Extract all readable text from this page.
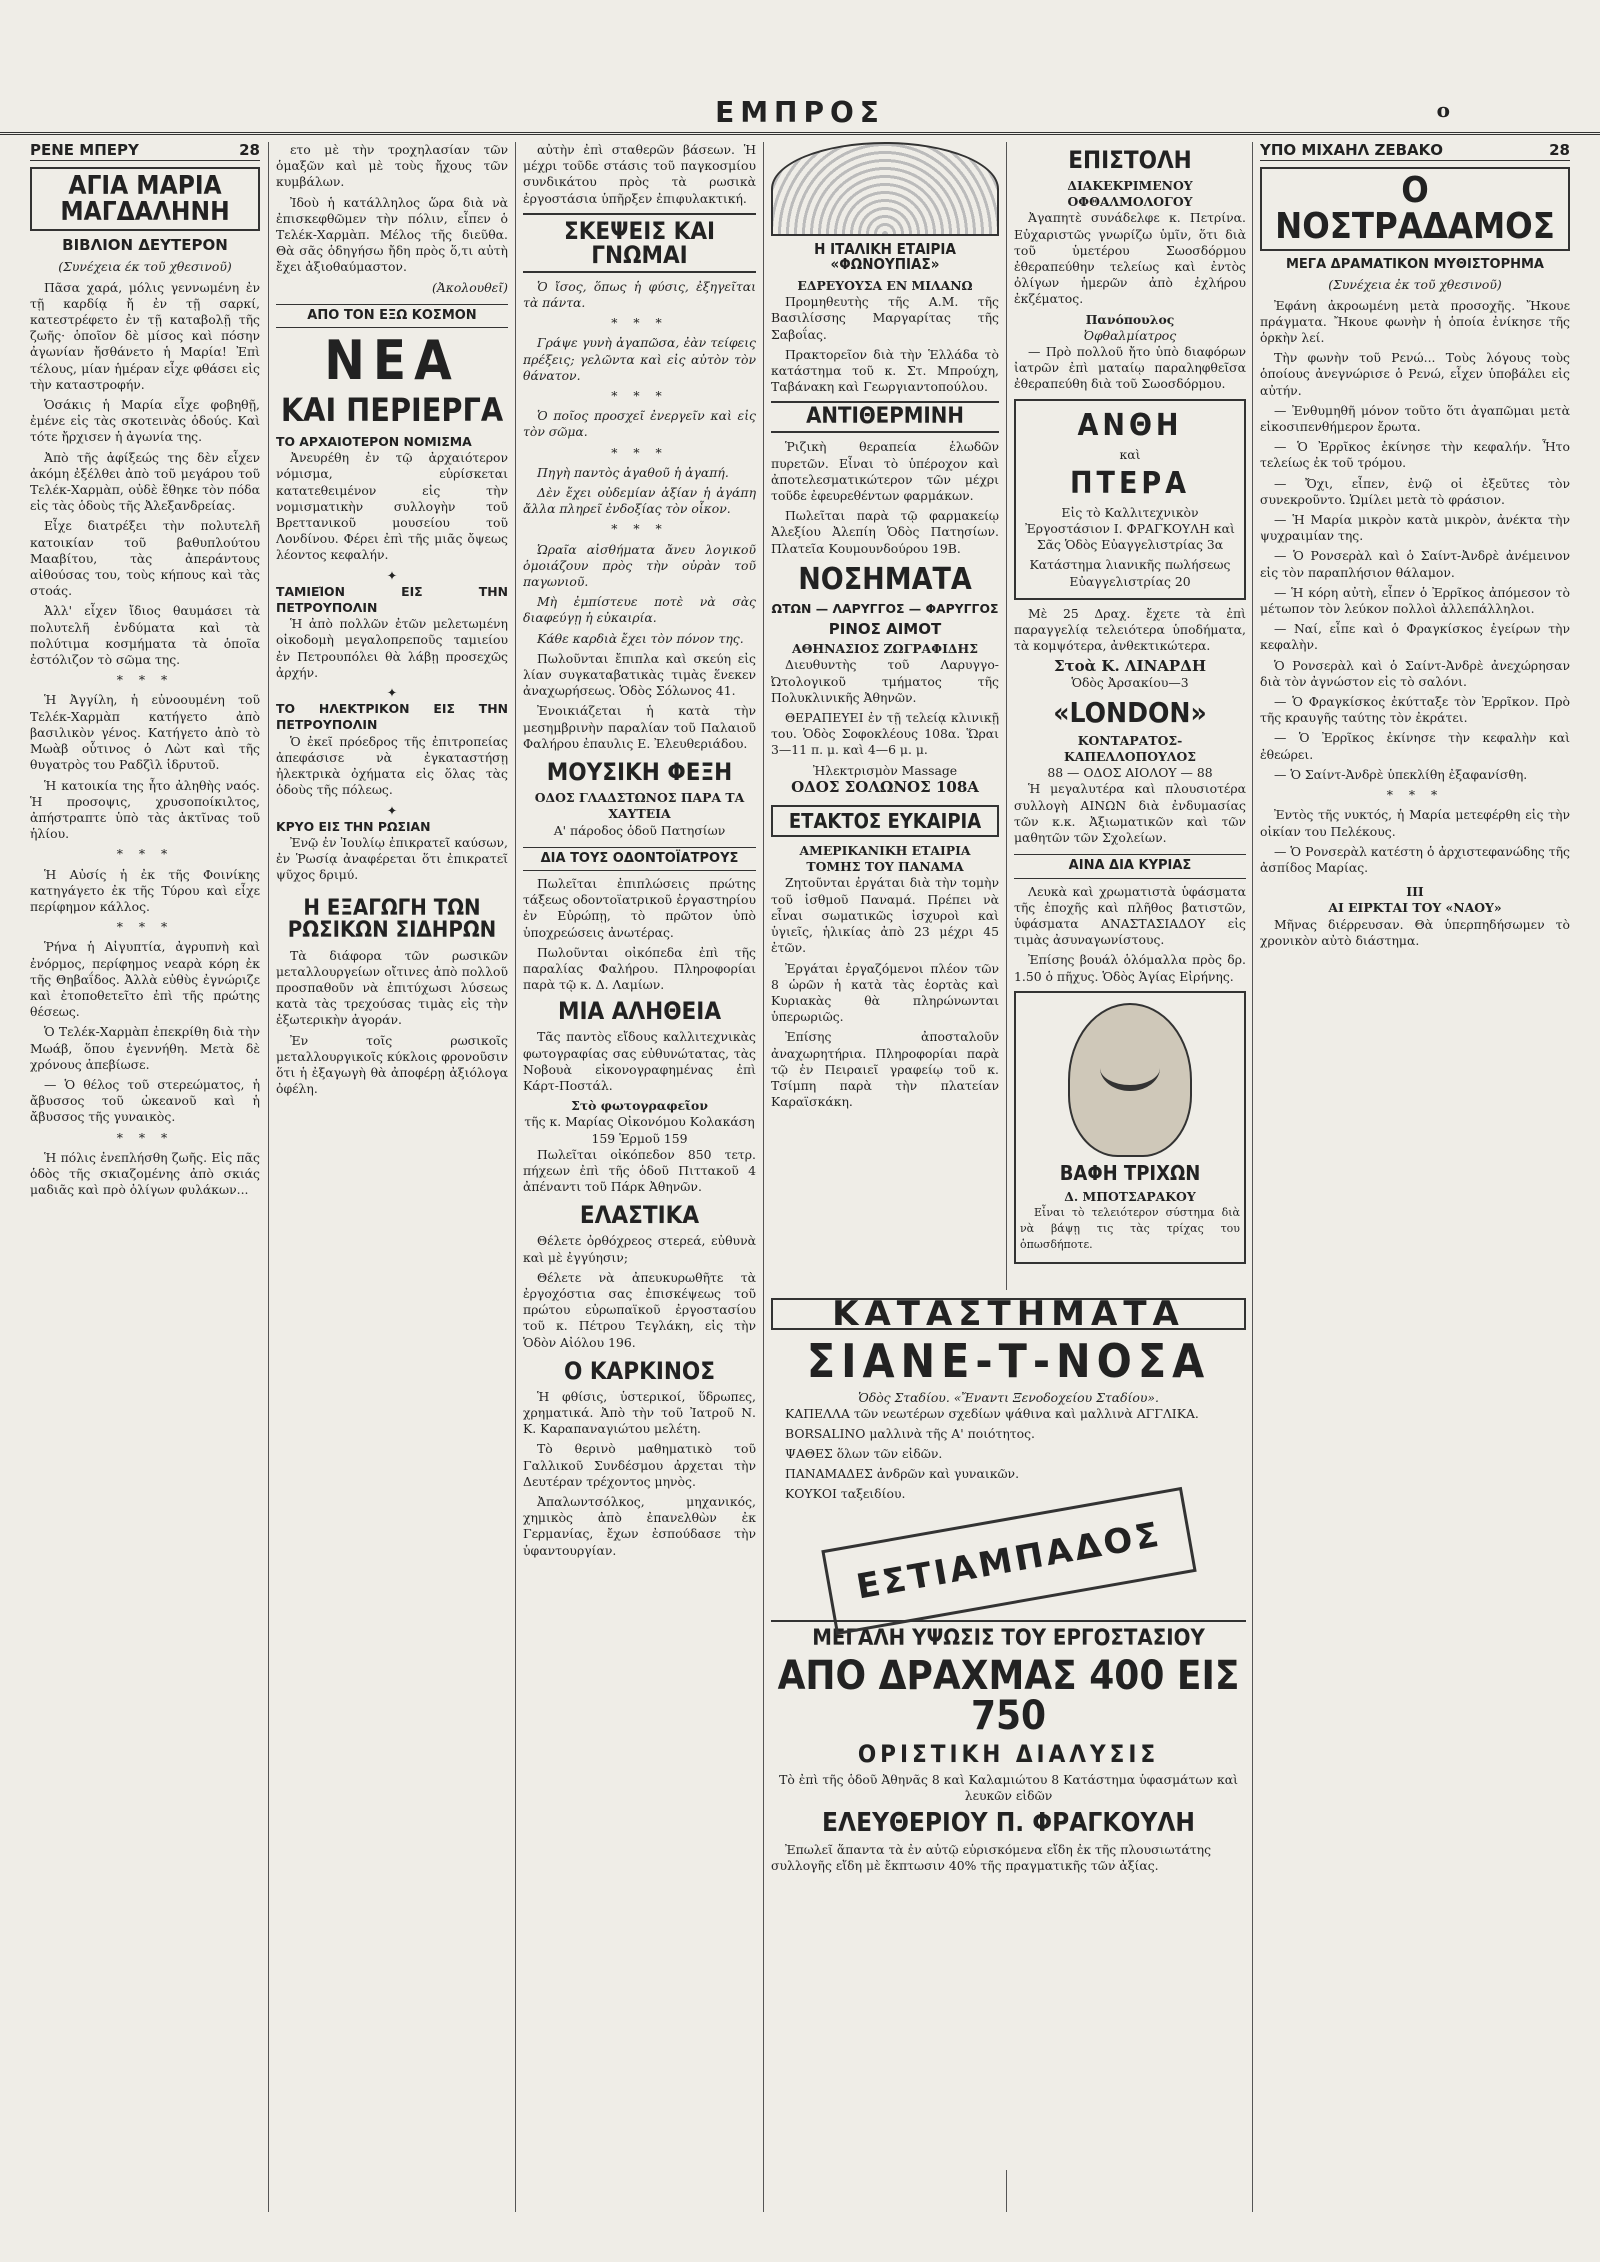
ΕΜΠΡΟΣ	ο
ΡΕΝΕ ΜΠΕΡΥ	28
ΑΓΙΑ ΜΑΡΙΑ ΜΑΓΔΑΛΗΝΗ
ΒΙΒΛΙΟΝ ΔΕΥΤΕΡΟΝ
(Συνέχεια έκ τοῦ χθεσινοῦ)

Πᾶσα χαρά, μόλις γεννωμένη ἐν τῇ καρδίᾳ ἤ ἐν τῇ σαρκί, κατεστρέφετο ἐν τῇ καταβολῇ τῆς ζωῆς· ὁποῖον δὲ μίσος καὶ πόσην ἀγωνίαν ἤσθάνετο ἡ Μαρία! Ἐπὶ τέλους, μίαν ἡμέραν εἶχε φθάσει εἰς τὴν καταστροφήν.

Ὁσάκις ἡ Μαρία εἶχε φοβηθῇ, ἐμένε εἰς τὰς σκοτεινὰς ὁδούς. Καὶ τότε ἤρχισεν ἡ ἀγωνία της.

Ἀπὸ τῆς ἀφίξεώς της δὲν εἶχεν ἀκόμη ἐξέλθει ἀπὸ τοῦ μεγάρου τοῦ Τελέκ-Χαρμὰπ, οὐδὲ ἔθηκε τὸν πόδα εἰς τὰς ὁδοὺς τῆς Ἀλεξανδρείας.

Εἶχε διατρέξει τὴν πολυτελῆ κατοικίαν τοῦ βαθυπλούτου Μααβίτου, τὰς ἀπεράντους αἰθούσας του, τοὺς κήπους καὶ τὰς στοάς.

Ἀλλ' εἶχεν ἴδιος θαυμάσει τὰ πολυτελῆ ἐνδύματα καὶ τὰ πολύτιμα κοσμήματα τὰ ὁποῖα ἐστόλιζον τὸ σῶμα της.

* * *

Ἡ Ἀγγίλη, ἡ εὐνοουμένη τοῦ Τελέκ-Χαρμὰπ κατήγετο ἀπὸ βασιλικὸν γένος. Κατήγετο ἀπὸ τὸ Μωὰβ οὗτινος ὁ Λὼτ καὶ τῆς θυγατρὸς του Ραδζὶλ ἱδρυτοῦ.

Ἡ κατοικία της ἦτο ἀληθὴς ναός. Ἡ προσοψις, χρυσοποίκιλτος, ἀπήστραπτε ὑπὸ τὰς ἀκτῖνας τοῦ ἡλίου.

* * *

Ἡ Αὐσίς ἡ ἐκ τῆς Φοινίκης κατηγάγετο ἐκ τῆς Τύρου καὶ εἶχε περίφημον κάλλος.

* * *

Ῥήνα ἡ Αἰγυπτία, ἀγρυπνὴ καὶ ἐνόρμος, περίφημος νεαρὰ κόρη ἐκ τῆς Θηβαΐδος. Ἀλλὰ εὐθὺς ἐγνώριζε καὶ ἐτοποθετεῖτο ἐπὶ τῆς πρώτης θέσεως.

Ὁ Τελέκ-Χαρμὰπ ἐπεκρίθη διὰ τὴν Μωάβ, ὅπου ἐγεννήθη. Μετὰ δὲ χρόνους ἀπεβίωσε.

— Ὁ θέλος τοῦ στερεώματος, ἡ ἄβυσσος τοῦ ὠκεανοῦ καὶ ἡ ἄβυσσος τῆς γυναικὸς.

* * *

Ἡ πόλις ἐνεπλήσθη ζωῆς. Εἰς πᾶς ὁδὸς τῆς σκιαζομένης ἀπὸ σκιάς μαδιᾶς καὶ πρὸ ὀλίγων φυλάκων...

ετο μὲ τὴν τροχηλασίαν τῶν ὁμαξῶν καὶ μὲ τοὺς ἤχους τῶν κυμβάλων.

Ἰδοὺ ἡ κατάλληλος ὥρα διὰ νὰ ἐπισκεφθῶμεν τὴν πόλιν, εἶπεν ὁ Τελέκ-Χαρμὰπ. Μέλος τῆς διεῦθα. Θὰ σᾶς ὁδηγήσω ἤδη πρὸς ὅ,τι αὐτὴ ἔχει ἀξιοθαύμαστον.

(Ἀκολουθεῖ)
ΑΠΟ ΤΟΝ ΕΞΩ ΚΟΣΜΟΝ
ΝΕΑ
ΚΑΙ ΠΕΡΙΕΡΓΑ
ΤΟ ΑΡΧΑΙΟΤΕΡΟΝ ΝΟΜΙΣΜΑ

Ἀνευρέθη ἐν τῷ ἀρχαιότερον νόμισμα, εὑρίσκεται κατατεθειμένον εἰς τὴν νομισματικὴν συλλογὴν τοῦ Βρεττανικοῦ μουσείου τοῦ Λονδίνου. Φέρει ἐπὶ τῆς μιᾶς ὄψεως λέοντος κεφαλήν.

✦
ΤΑΜΙΕΙ͂ΟΝ ΕΙΣ ΤΗΝ ΠΕΤΡΟΥΠΟΛΙΝ

Ἡ ἀπὸ πολλῶν ἐτῶν μελετωμένη οἰκοδομὴ μεγαλοπρεποῦς ταμιείου ἐν Πετρουπόλει θὰ λάβῃ προσεχῶς ἀρχήν.

✦
ΤΟ ΗΛΕΚΤΡΙΚΟΝ ΕΙΣ ΤΗΝ ΠΕΤΡΟΥΠΟΛΙΝ

Ὁ ἐκεῖ πρόεδρος τῆς ἐπιτροπείας ἀπεφάσισε νὰ ἐγκαταστήσῃ ἠλεκτρικὰ ὀχήματα εἰς ὅλας τὰς ὁδοὺς τῆς πόλεως.

✦
ΚΡΥΟ ΕΙΣ ΤΗΝ ΡΩΣΙΑΝ

Ἐνῷ ἐν Ἰουλίῳ ἐπικρατεῖ καύσων, ἐν Ῥωσίᾳ ἀναφέρεται ὅτι ἐπικρατεῖ ψῦχος δριμύ.

Η ΕΞΑΓΩΓΗ ΤΩΝ ΡΩΣΙΚΩΝ ΣΙΔΗΡΩΝ

Τὰ διάφορα τῶν ρωσικῶν μεταλλουργείων οἴτινες ἀπὸ πολλοῦ προσπαθοῦν νὰ ἐπιτύχωσι λύσεως κατὰ τὰς τρεχούσας τιμὰς εἰς τὴν ἐξωτερικὴν ἀγοράν.

Ἐν τοῖς ρωσικοῖς μεταλλουργικοῖς κύκλοις φρονοῦσιν ὅτι ἡ ἐξαγωγὴ θὰ ἀποφέρῃ ἀξιόλογα ὀφέλη.

αὐτὴν ἐπὶ σταθερῶν βάσεων. Ἡ μέχρι τοῦδε στάσις τοῦ παγκοσμίου συνδικάτου πρὸς τὰ ρωσικὰ ἐργοστάσια ὑπῆρξεν ἐπιφυλακτική.

ΣΚΕΨΕΙΣ ΚΑΙ ΓΝΩΜΑΙ

Ὁ ἴσος, ὅπως ἡ φύσις, ἐξηγεῖται τὰ πάντα.

* * *

Γράψε γυνὴ ἀγαπῶσα, ἐὰν τείφεις πρέξεις; γελῶντα καὶ εἰς αὐτὸν τὸν θάνατον.

* * *

Ὁ ποῖος προσχεῖ ἐνεργεῖν καὶ εἰς τὸν σῶμα.

* * *

Πηγὴ παντὸς ἀγαθοῦ ἡ ἀγαπή.

Δὲν ἔχει οὐδεμίαν ἀξίαν ἡ ἀγάπη ἄλλα πληρεῖ ἐνδοξίας τὸν οἶκον.

* * *

Ὡραῖα αἰσθήματα ἄνευ λογικοῦ ὁμοιάζουν πρὸς τὴν οὐρὰν τοῦ παγωνιοῦ.

Μὴ ἐμπίστευε ποτὲ νὰ σὰς διαφεύγῃ ἡ εὐκαιρία.

Κάθε καρδιὰ ἔχει τὸν πόνον της.

Πωλοῦνται ἔπιπλα καὶ σκεύη εἰς λίαν συγκαταβατικὰς τιμὰς ἕνεκεν ἀναχωρήσεως. Ὁδὸς Σόλωνος 41.

Ἐνοικιάζεται ἡ κατὰ τὴν μεσημβρινὴν παραλίαν τοῦ Παλαιοῦ Φαλήρου ἐπαυλις Ε. Ἐλευθεριάδου.

ΜΟΥΣΙΚΗ ΦΕΞΗ
ΟΔΟΣ ΓΛΑΔΣΤΩΝΟΣ ΠΑΡΑ ΤΑ ΧΑΥΤΕΙΑ
Α' πάροδος ὁδοῦ Πατησίων
ΔΙΑ ΤΟΥΣ ΟΔΟΝΤΟΪΑΤΡΟΥΣ

Πωλεῖται ἐπιπλώσεις πρώτης τάξεως οδοντοϊατρικοῦ ἐργαστηρίου ἐν Εὐρώπῃ, τὸ πρῶτον ὑπὸ ὑποχρεώσεις ἀνωτέρας.

Πωλοῦνται οἰκόπεδα ἐπὶ τῆς παραλίας Φαλήρου. Πληροφορίαι παρὰ τῷ κ. Δ. Λαμίων.

ΜΙΑ ΑΛΗΘΕΙΑ

Τᾶς παντὸς εἴδους καλλιτεχνικὰς φωτογραφίας σας εὐθυνώτατας, τὰς Νοβουὰ εἰκονογραφημένας ἐπὶ Κάρτ-Ποστάλ.

Στὸ φωτογραφεῖον
τῆς κ. Μαρίας Οἰκονόμου Κολακάση 159 Ἑρμοῦ 159

Πωλεῖται οἰκόπεδον 850 τετρ. πήχεων ἐπὶ τῆς ὁδοῦ Πιττακοῦ 4 ἀπέναντι τοῦ Πάρκ Ἀθηνῶν.

ΕΛΑΣΤΙΚΑ

Θέλετε ὀρθόχρεος στερεά, εὐθυνὰ καὶ μὲ ἐγγύησιν;

Θέλετε νὰ ἀπευκυρωθῆτε τὰ ἐργοχόστια σας ἐπισκέψεως τοῦ πρώτου εὐρωπαϊκοῦ ἐργοστασίου τοῦ κ. Πέτρου Τεγλάκη, εἰς τὴν Ὁδὸν Αἰόλου 196.

Ο ΚΑΡΚΙΝΟΣ

Ἡ φθίσις, ὑστερικοί, ὕδρωπες, χρηματικά. Ἀπὸ τὴν τοῦ Ἰατροῦ Ν. Κ. Καραπαναγιώτου μελέτη.

Τὸ θερινὸ μαθηματικὸ τοῦ Γαλλικοῦ Συνδέσμου ἀρχεται τὴν Δευτέραν τρέχοντος μηνὸς.

Ἀπαλωντσόλκος, μηχανικός, χημικὸς ἀπὸ ἐπανελθὼν ἐκ Γερμανίας, ἔχων ἐσπούδασε τὴν ὑφαντουργίαν.

Η ΙΤΑΛΙΚΗ ΕΤΑΙΡΙΑ «ΦΩΝΟΥΠΙΑΣ»
ΕΔΡΕΥΟΥΣΑ ΕΝ ΜΙΛΑΝΩ

Προμηθευτὴς τῆς Α.Μ. τῆς Βασιλίσσης Μαργαρίτας τῆς Σαβοΐας.

Πρακτορεῖον διὰ τὴν Ἑλλάδα τὸ κατάστημα τοῦ κ. Στ. Μπρούχη, Ταβάνακη καὶ Γεωργιαντοπούλου.

ΑΝΤΙΘΕΡΜΙΝΗ

Ῥιζικὴ θεραπεία ἑλωδῶν πυρετῶν. Εἶναι τὸ ὑπέροχον καὶ ἀποτελεσματικώτερον τῶν μέχρι τοῦδε ἐφευρεθέντων φαρμάκων.

Πωλεῖται παρὰ τῷ φαρμακείῳ Ἀλεξίου Ἀλεπίη Ὁδὸς Πατησίων. Πλατεῖα Κουμουνδούρου 19Β.

ΝΟΣΗΜΑΤΑ
ΩΤΩΝ — ΛΑΡΥΓΓΟΣ — ΦΑΡΥΓΓΟΣ
ΡΙΝΟΣ ΑΙΜΟΤ
ΑΘΗΝΑΣΙΟΣ ΖΩΓΡΑΦΙΔΗΣ

Διευθυντὴς τοῦ Λαρυγγο-Ὠτολογικοῦ τμήματος τῆς Πολυκλινικῆς Ἀθηνῶν.

ΘΕΡΑΠΕΥΕΙ ἐν τῇ τελείᾳ κλινικῇ του. Ὁδὸς Σοφοκλέους 108α. Ὥραι 3—11 π. μ. καὶ 4—6 μ. μ.

Ἠλεκτρισμὸν Massage
ΟΔΟΣ ΣΟΛΩΝΟΣ 108Α
ΕΤΑΚΤΟΣ ΕΥΚΑΙΡΙΑ
ΑΜΕΡΙΚΑΝΙΚΗ ΕΤΑΙΡΙΑ ΤΟΜΗΣ ΤΟΥ ΠΑΝΑΜΑ

Ζητοῦνται ἐργάται διὰ τὴν τομὴν τοῦ ἰσθμοῦ Παναμά. Πρέπει νὰ εἶναι σωματικῶς ἰσχυροὶ καὶ ὑγιεῖς, ἡλικίας ἀπὸ 23 μέχρι 45 ἐτῶν.

Ἐργάται ἐργαζόμενοι πλέον τῶν 8 ὡρῶν ἡ κατὰ τὰς ἑορτὰς καὶ Κυριακὰς θὰ πληρώνωνται ὑπερωριῶς.

Ἐπίσης ἀποσταλοῦν ἀναχωρητήρια. Πληροφορίαι παρὰ τῷ ἐν Πειραιεῖ γραφείῳ τοῦ κ. Τσίμπη παρὰ τὴν πλατείαν Καραϊσκάκη.

ΕΠΙΣΤΟΛΗ
ΔΙΑΚΕΚΡΙΜΕΝΟΥ ΟΦΘΑΛΜΟΛΟΓΟΥ

Ἀγαπητὲ συνάδελφε κ. Πετρίνα. Εὐχαριστῶς γνωρίζω ὑμῖν, ὅτι διὰ τοῦ ὑμετέρου Σωοσδόρμου ἐθεραπεύθην τελείως καὶ ἐντὸς ὀλίγων ἡμερῶν ἀπὸ ἐχλήρου ἐκζέματος.

Πανόπουλος
Ὀφθαλμίατρος

— Πρὸ πολλοῦ ἤτο ὑπὸ διαφόρων ἰατρῶν ἐπὶ ματαίῳ παραληφθεῖσα ἐθεραπεύθη διὰ τοῦ Σωοσδόρμου.

ΑΝΘΗ
καὶ
ΠΤΕΡΑ

Εἰς τὸ Καλλιτεχνικὸν Ἐργοστάσιον Ι. ΦΡΑΓΚΟΥΛΗ καὶ Σᾶς Ὁδὸς Εὐαγγελιστρίας 3α

Κατάστημα λιανικῆς πωλήσεως Εὐαγγελιστρίας 20

Μὲ 25 Δραχ. ἔχετε τὰ ἐπὶ παραγγελίᾳ τελειότερα ὑποδήματα, τὰ κομψότερα, ἀνθεκτικώτερα.

Στοὰ Κ. ΛΙΝΑΡΔΗ
Ὁδὸς Ἀρσακίου—3
«LONDON»
ΚΟΝΤΑΡΑΤΟΣ-ΚΑΠΕΛΛΟΠΟΥΛΟΣ
88 — ΟΔΟΣ ΑΙΟΛΟΥ — 88

Ἡ μεγαλυτέρα καὶ πλουσιοτέρα συλλογὴ ΑΙΝΩΝ διὰ ἐνδυμασίας τῶν κ.κ. Ἀξιωματικῶν καὶ τῶν μαθητῶν τῶν Σχολείων.

ΑΙΝΑ ΔΙΑ ΚΥΡΙΑΣ

Λευκὰ καὶ χρωματιστὰ ὑφάσματα τῆς ἐποχῆς καὶ πλῆθος βατιστῶν, ὑφάσματα ΑΝΑΣΤΑΣΙΑΔΟΥ εἰς τιμὰς ἀσυναγωνίστους.

Ἐπίσης βουάλ ὁλόμαλλα πρὸς δρ. 1.50 ὁ πῆχυς. Ὁδὸς Ἁγίας Εἰρήνης.

ΒΑΦΗ ΤΡΙΧΩΝ
Δ. ΜΠΟΤΣΑΡΑΚΟΥ

Εἶναι τὸ τελειότερον σύστημα διὰ νὰ βάψῃ τις τὰς τρίχας του ὁπωσδήποτε.

ΚΑΤΑΣΤΗΜΑΤΑ
ΣΙΑΝΕ-Τ-ΝΟΣΑ
Ὁδὸς Σταδίου. «Ἔναντι Ξενοδοχείου Σταδίου».

ΚΑΠΕΛΛΑ τῶν νεωτέρων σχεδίων ψάθινα καὶ μαλλινὰ ΑΓΓΛΙΚΑ.

BORSALINO μαλλινὰ τῆς Α' ποιότητος.

ΨΑΘΕΣ ὅλων τῶν εἰδῶν.

ΠΑΝΑΜΑΔΕΣ ἀνδρῶν καὶ γυναικῶν.

ΚΟΥΚΟΙ ταξειδίου.

ΕΣΤΙΑΜΠΑΔΟΣ
ΜΕΓΑΛΗ ΥΨΩΣΙΣ ΤΟΥ ΕΡΓΟΣΤΑΣΙΟΥ
ΑΠΟ ΔΡΑΧΜΑΣ 400 ΕΙΣ 750
ΟΡΙΣΤΙΚΗ ΔΙΑΛΥΣΙΣ

Τὸ ἐπὶ τῆς ὁδοῦ Ἀθηνᾶς 8 καὶ Καλαμιώτου 8 Κατάστημα ὑφασμάτων καὶ λευκῶν εἰδῶν

ΕΛΕΥΘΕΡΙΟΥ Π. ΦΡΑΓΚΟΥΛΗ

Ἐπωλεῖ ἅπαντα τὰ ἐν αὐτῷ εὑρισκόμενα εἴδη ἐκ τῆς πλουσιωτάτης συλλογῆς εἴδη μὲ ἔκπτωσιν 40% τῆς πραγματικῆς τῶν ἀξίας.

ΥΠΟ ΜΙΧΑΗΛ ΖΕΒΑΚΟ	28
Ο ΝΟΣΤΡΑΔΑΜΟΣ
ΜΕΓΑ ΔΡΑΜΑΤΙΚΟΝ ΜΥΘΙΣΤΟΡΗΜΑ
(Συνέχεια ἐκ τοῦ χθεσινοῦ)

Ἐφάνη ἀκροωμένη μετὰ προσοχῆς. Ἤκουε πράγματα. Ἤκουε φωνὴν ἡ ὁποία ἐνίκησε τῆς ὁρκὴν λεί.

Τὴν φωνὴν τοῦ Ρενώ... Τοὺς λόγους τοὺς ὁποίους ἀνεγνώρισε ὁ Ρενώ, εἶχεν ὑποβάλει εἰς αὐτήν.

— Ἐνθυμηθῆ μόνον τοῦτο ὅτι ἀγαπῶμαι μετὰ εἰκοσιπενθήμερον ἔρωτα.

— Ὁ Ἐρρῖκος ἐκίνησε τὴν κεφαλήν. Ἦτο τελείως ἐκ τοῦ τρόμου.

— Ὄχι, εἶπεν, ἐνῷ οἱ ἐξεῦτες τὸν συνεκροῦντο. Ὡμίλει μετὰ τὸ φράσιον.

— Ἡ Μαρία μικρὸν κατὰ μικρὸν, ἀνέκτα τὴν ψυχραιμίαν της.

— Ὁ Ρονσερὰλ καὶ ὁ Σαίντ-Ἀνδρὲ ἀνέμεινον εἰς τὸν παραπλήσιον θάλαμον.

— Ἡ κόρη αὐτὴ, εἶπεν ὁ Ἐρρῖκος ἀπόμεσον τὸ μέτωπον τὸν λεύκον πολλοὶ ἀλλεπάλληλοι.

— Ναί, εἶπε καὶ ὁ Φραγκίσκος ἐγείρων τὴν κεφαλὴν.

Ὁ Ρονσερὰλ καὶ ὁ Σαίντ-Ἀνδρὲ ἀνεχώρησαν διὰ τὸν ἀγνώστον εἰς τὸ σαλόνι.

— Ὁ Φραγκίσκος ἐκύτταξε τὸν Ἐρρῖκον. Πρὸ τῆς κραυγῆς ταύτης τὸν ἐκράτει.

— Ὁ Ἐρρῖκος ἐκίνησε τὴν κεφαλὴν καὶ ἐθεώρει.

— Ὁ Σαίντ-Ἀνδρὲ ὑπεκλίθη ἐξαφανίσθη.

* * *

Ἐντὸς τῆς νυκτός, ἡ Μαρία μετεφέρθη εἰς τὴν οἰκίαν του Πελέκους.

— Ὁ Ρονσερὰλ κατέστη ὁ ἀρχιστεφανώδης τῆς ἀσπίδος Μαρίας.

III
ΑΙ ΕΙΡΚΤΑΙ ΤΟΥ «ΝΑΟΥ»

Μῆνας διέρρευσαν. Θὰ ὑπερπηδήσωμεν τὸ χρονικὸν αὐτὸ διάστημα.
